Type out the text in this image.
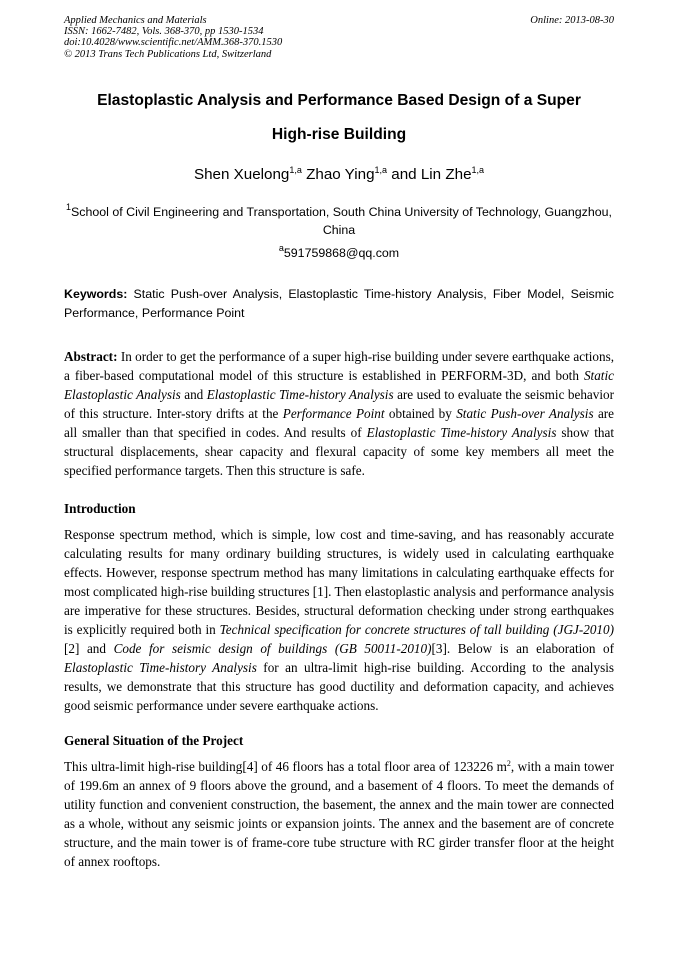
Applied Mechanics and Materials
ISSN: 1662-7482, Vols. 368-370, pp 1530-1534
doi:10.4028/www.scientific.net/AMM.368-370.1530
© 2013 Trans Tech Publications Ltd, Switzerland
Online: 2013-08-30
Elastoplastic Analysis and Performance Based Design of a Super
High-rise Building
Shen Xuelong$^{1,a}$ Zhao Ying$^{1,a}$ and Lin Zhe$^{1,a}$
$^1$School of Civil Engineering and Transportation, South China University of Technology, Guangzhou, China
$^a$591759868@qq.com
Keywords: Static Push-over Analysis, Elastoplastic Time-history Analysis, Fiber Model, Seismic Performance, Performance Point
Abstract: In order to get the performance of a super high-rise building under severe earthquake actions, a fiber-based computational model of this structure is established in PERFORM-3D, and both Static Elastoplastic Analysis and Elastoplastic Time-history Analysis are used to evaluate the seismic behavior of this structure. Inter-story drifts at the Performance Point obtained by Static Push-over Analysis are all smaller than that specified in codes. And results of Elastoplastic Time-history Analysis show that structural displacements, shear capacity and flexural capacity of some key members all meet the specified performance targets. Then this structure is safe.
Introduction
Response spectrum method, which is simple, low cost and time-saving, and has reasonably accurate calculating results for many ordinary building structures, is widely used in calculating earthquake effects. However, response spectrum method has many limitations in calculating earthquake effects for most complicated high-rise building structures [1]. Then elastoplastic analysis and performance analysis are imperative for these structures. Besides, structural deformation checking under strong earthquakes is explicitly required both in Technical specification for concrete structures of tall building (JGJ-2010)[2] and Code for seismic design of buildings (GB 50011-2010)[3]. Below is an elaboration of Elastoplastic Time-history Analysis for an ultra-limit high-rise building. According to the analysis results, we demonstrate that this structure has good ductility and deformation capacity, and achieves good seismic performance under severe earthquake actions.
General Situation of the Project
This ultra-limit high-rise building[4] of 46 floors has a total floor area of 123226 $m^2$, with a main tower of 199.6m an annex of 9 floors above the ground, and a basement of 4 floors. To meet the demands of utility function and convenient construction, the basement, the annex and the main tower are connected as a whole, without any seismic joints or expansion joints. The annex and the basement are of concrete structure, and the main tower is of frame-core tube structure with RC girder transfer floor at the height of annex rooftops.
